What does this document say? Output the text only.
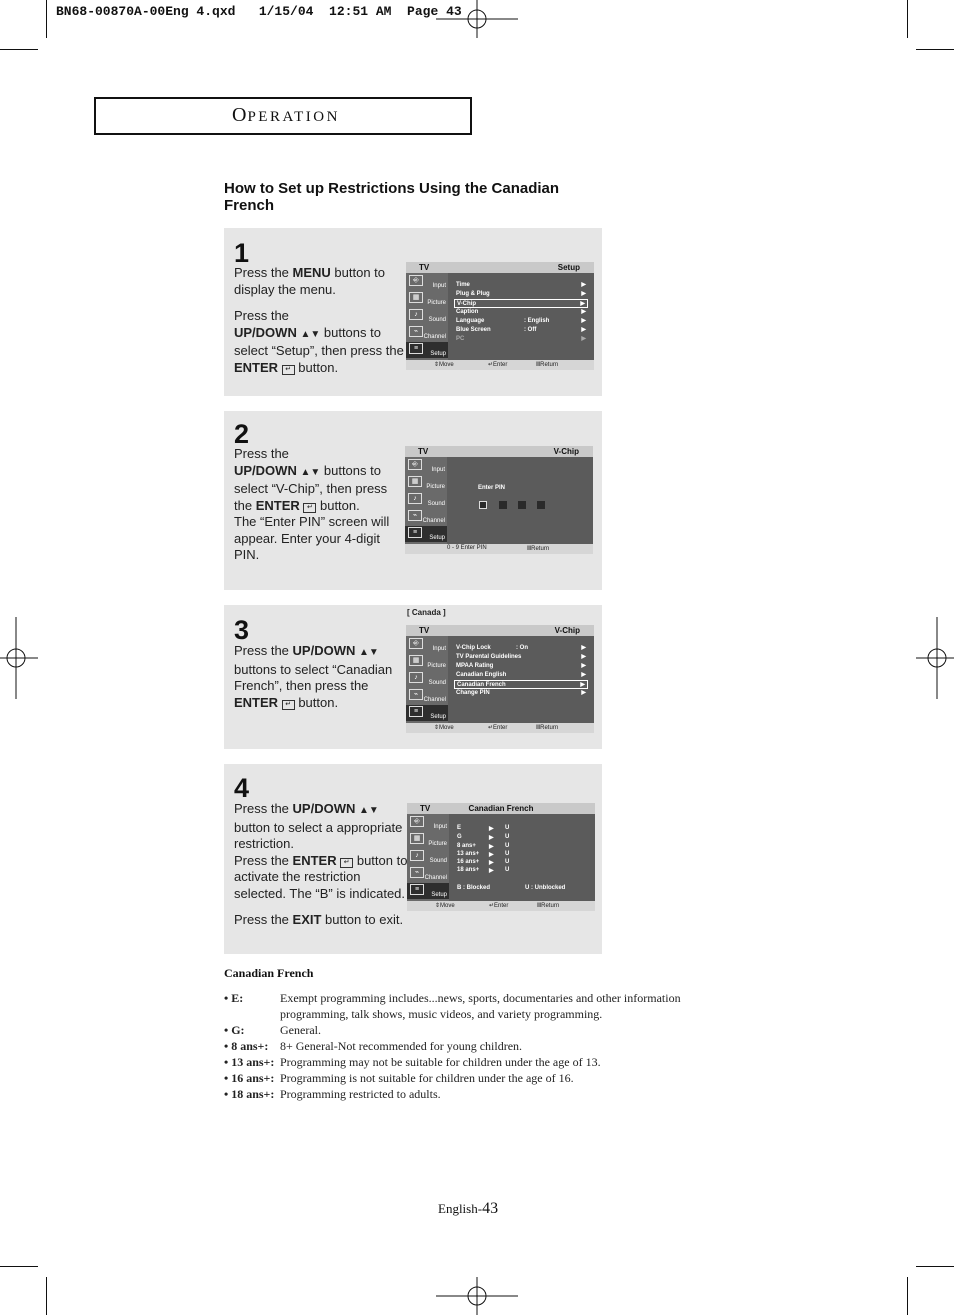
BN68-00870A-00Eng 4.qxd   1/15/04  12:51 AM  Page 43
OPERATION
How to Set up Restrictions Using the Canadian French
1

Press the MENU button to display the menu.

Press the
UP/DOWN ▲▼ buttons to select “Setup”, then press the ENTER ↵ button.

TV	Setup
⎆
Input
▦
Picture
♪
Sound
⌁
Channel
≡
Setup
Time	▶
Plug & Plug	▶
V-Chip	▶
Caption	▶
Language	: English	▶
Blue Screen	: Off	▶
PC	▶
⇕ Move	↵ Enter	Ⅲ Return
2

Press the
UP/DOWN ▲▼ buttons to select “V-Chip”, then press the ENTER ↵ button.
The “Enter PIN” screen will appear. Enter your 4-digit PIN.

TV	V-Chip
⎆
Input
▦
Picture
♪
Sound
⌁
Channel
≡
Setup
Enter PIN
0 - 9 Enter PIN	Ⅲ Return
3
[ Canada ]

Press the UP/DOWN ▲▼ buttons to select “Canadian French”, then press the ENTER ↵ button.

TV	V-Chip
⎆
Input
▦
Picture
♪
Sound
⌁
Channel
≡
Setup
V-Chip Lock	: On	▶
TV Parental Guidelines	▶
MPAA Rating	▶
Canadian English	▶
Canadian French	▶
Change PIN	▶
⇕ Move	↵ Enter	Ⅲ Return
4

Press the UP/DOWN ▲▼ button to select a appropriate restriction.
Press the ENTER ↵ button to activate the restriction selected. The “B” is indicated.

Press the EXIT button to exit.

TV	Canadian French
⎆
Input
▦
Picture
♪
Sound
⌁
Channel
≡
Setup
E	▶ U
G	▶ U
8 ans+ ▶ U
13 ans+ ▶ U
16 ans+ ▶ U
18 ans+ ▶ U
B : Blocked	U : Unblocked
⇕ Move	↵ Enter	Ⅲ Return
Canadian French
• E:	Exempt programming includes...news, sports, documentaries and other information programming, talk shows, music videos, and variety programming.
• G:	General.
• 8 ans+: 8+ General-Not recommended for young children.
• 13 ans+: Programming may not be suitable for children under the age of 13.
• 16 ans+: Programming is not suitable for children under the age of 16.
• 18 ans+: Programming restricted to adults.
English-43
